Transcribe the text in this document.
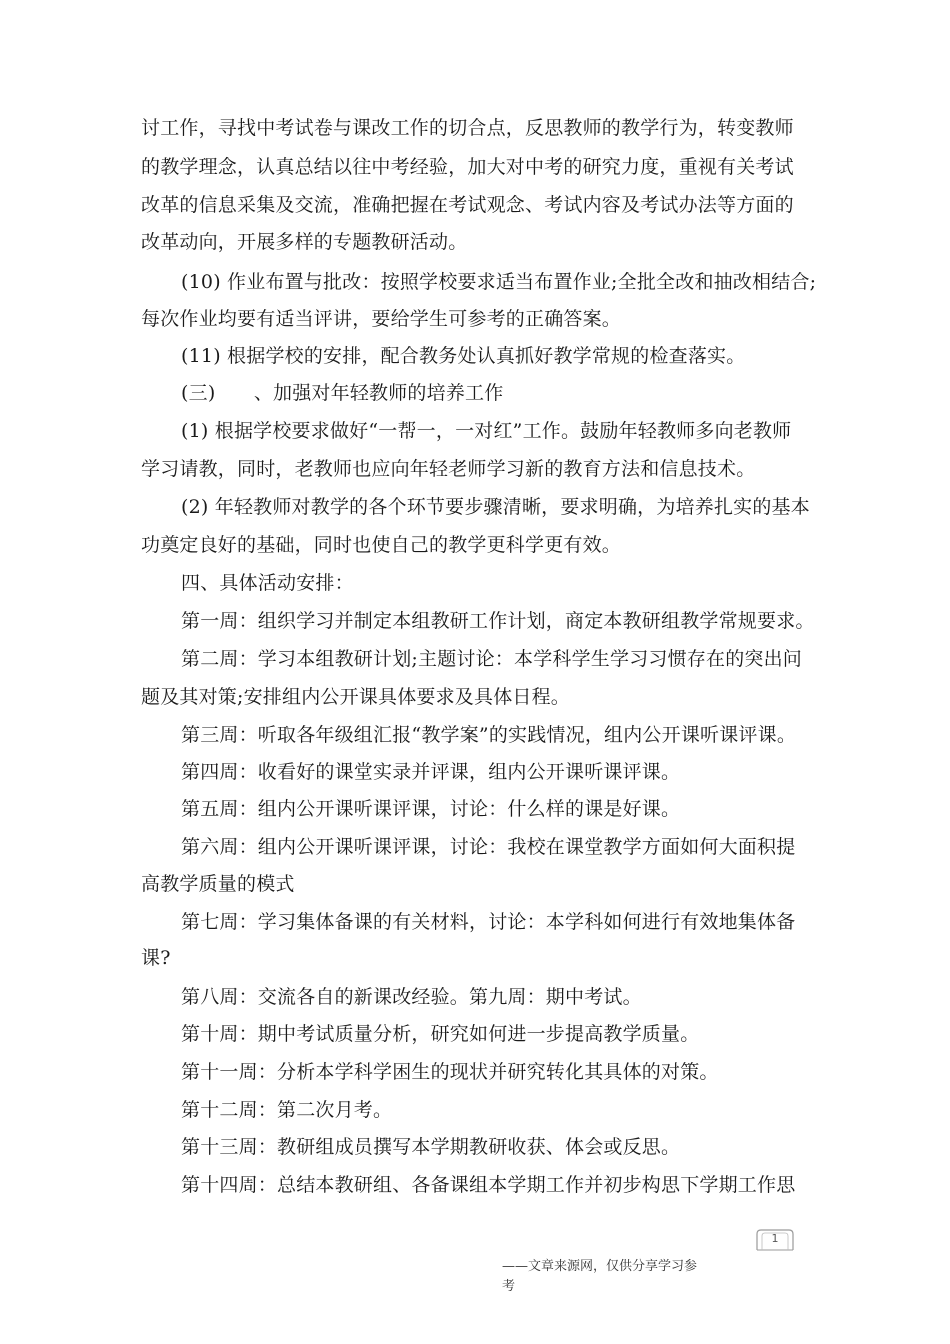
讨工作，寻找中考试卷与课改工作的切合点，反思教师的教学行为，转变教师
的教学理念，认真总结以往中考经验，加大对中考的研究力度，重视有关考试
改革的信息采集及交流，准确把握在考试观念、考试内容及考试办法等方面的
改革动向，开展多样的专题教研活动。
(10) 作业布置与批改：按照学校要求适当布置作业;全批全改和抽改相结合;
每次作业均要有适当评讲，要给学生可参考的正确答案。
(11) 根据学校的安排，配合教务处认真抓好教学常规的检查落实。
(三)　　、加强对年轻教师的培养工作
(1) 根据学校要求做好“一帮一，一对红”工作。鼓励年轻教师多向老教师
学习请教，同时，老教师也应向年轻老师学习新的教育方法和信息技术。
(2) 年轻教师对教学的各个环节要步骤清晰，要求明确，为培养扎实的基本
功奠定良好的基础，同时也使自己的教学更科学更有效。
四、具体活动安排：
第一周：组织学习并制定本组教研工作计划，商定本教研组教学常规要求。
第二周：学习本组教研计划;主题讨论：本学科学生学习习惯存在的突出问
题及其对策;安排组内公开课具体要求及具体日程。
第三周：听取各年级组汇报“教学案”的实践情况，组内公开课听课评课。
第四周：收看好的课堂实录并评课，组内公开课听课评课。
第五周：组内公开课听课评课，讨论：什么样的课是好课。
第六周：组内公开课听课评课，讨论：我校在课堂教学方面如何大面积提
高教学质量的模式
第七周：学习集体备课的有关材料，讨论：本学科如何进行有效地集体备
课?
第八周：交流各自的新课改经验。第九周：期中考试。
第十周：期中考试质量分析，研究如何进一步提高教学质量。
第十一周：分析本学科学困生的现状并研究转化其具体的对策。
第十二周：第二次月考。
第十三周：教研组成员撰写本学期教研收获、体会或反思。
第十四周：总结本教研组、各备课组本学期工作并初步构思下学期工作思
1
——文章来源网，仅供分享学习参
考
